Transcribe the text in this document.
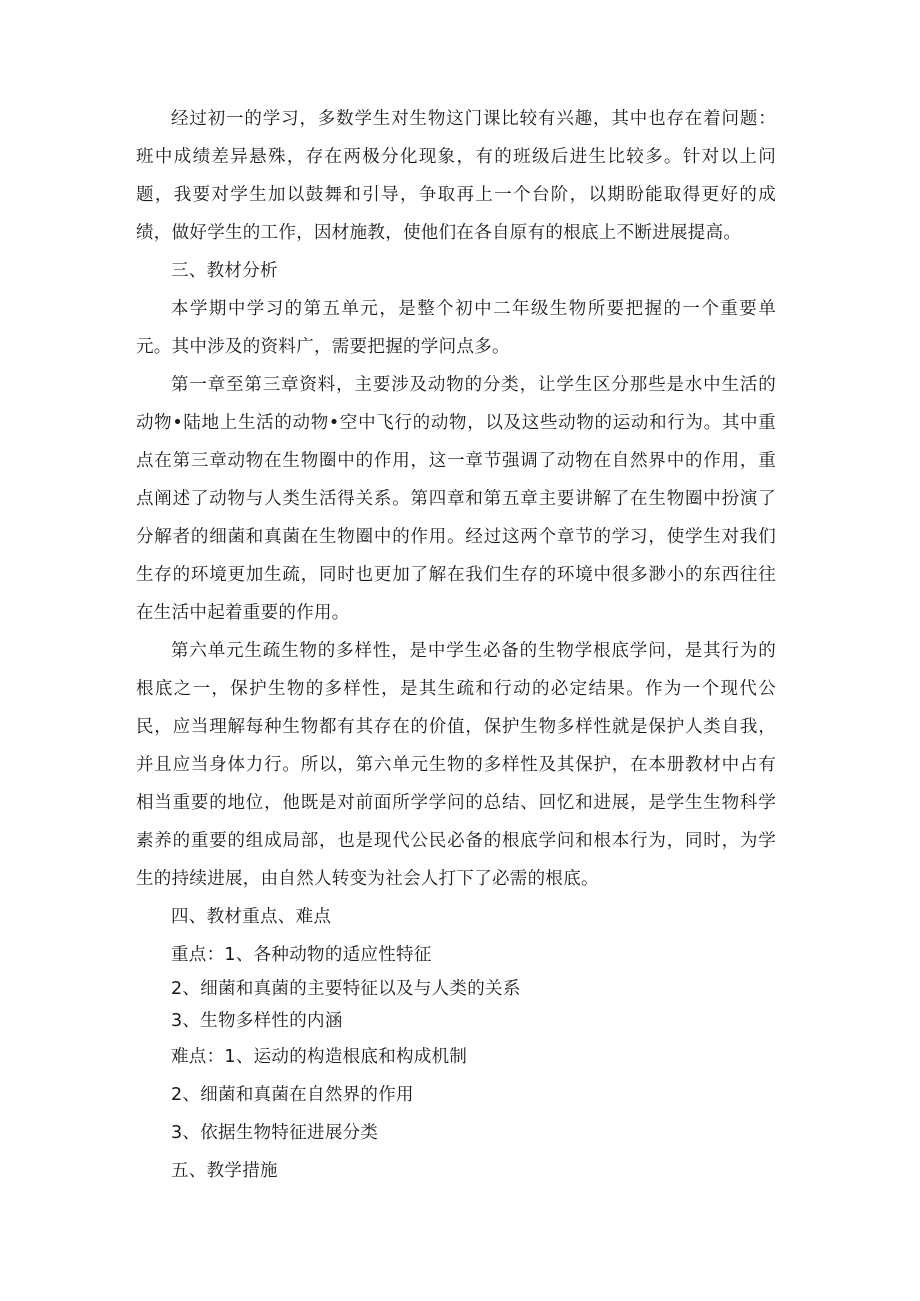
经过初一的学习，多数学生对生物这门课比较有兴趣，其中也存在着问题：班中成绩差异悬殊，存在两极分化现象，有的班级后进生比较多。针对以上问题，我要对学生加以鼓舞和引导，争取再上一个台阶，以期盼能取得更好的成绩，做好学生的工作，因材施教，使他们在各自原有的根底上不断进展提高。

三、教材分析

本学期中学习的第五单元，是整个初中二年级生物所要把握的一个重要单元。其中涉及的资料广，需要把握的学问点多。

第一章至第三章资料，主要涉及动物的分类，让学生区分那些是水中生活的动物•陆地上生活的动物•空中飞行的动物，以及这些动物的运动和行为。其中重点在第三章动物在生物圈中的作用，这一章节强调了动物在自然界中的作用，重点阐述了动物与人类生活得关系。第四章和第五章主要讲解了在生物圈中扮演了分解者的细菌和真菌在生物圈中的作用。经过这两个章节的学习，使学生对我们生存的环境更加生疏，同时也更加了解在我们生存的环境中很多渺小的东西往往在生活中起着重要的作用。

第六单元生疏生物的多样性，是中学生必备的生物学根底学问，是其行为的根底之一，保护生物的多样性，是其生疏和行动的必定结果。作为一个现代公民，应当理解每种生物都有其存在的价值，保护生物多样性就是保护人类自我，并且应当身体力行。所以，第六单元生物的多样性及其保护，在本册教材中占有相当重要的地位，他既是对前面所学学问的总结、回忆和进展，是学生生物科学素养的重要的组成局部，也是现代公民必备的根底学问和根本行为，同时，为学生的持续进展，由自然人转变为社会人打下了必需的根底。

四、教材重点、难点

重点：1、各种动物的适应性特征

2、细菌和真菌的主要特征以及与人类的关系

3、生物多样性的内涵

难点：1、运动的构造根底和构成机制

2、细菌和真菌在自然界的作用

3、依据生物特征进展分类

五、教学措施
